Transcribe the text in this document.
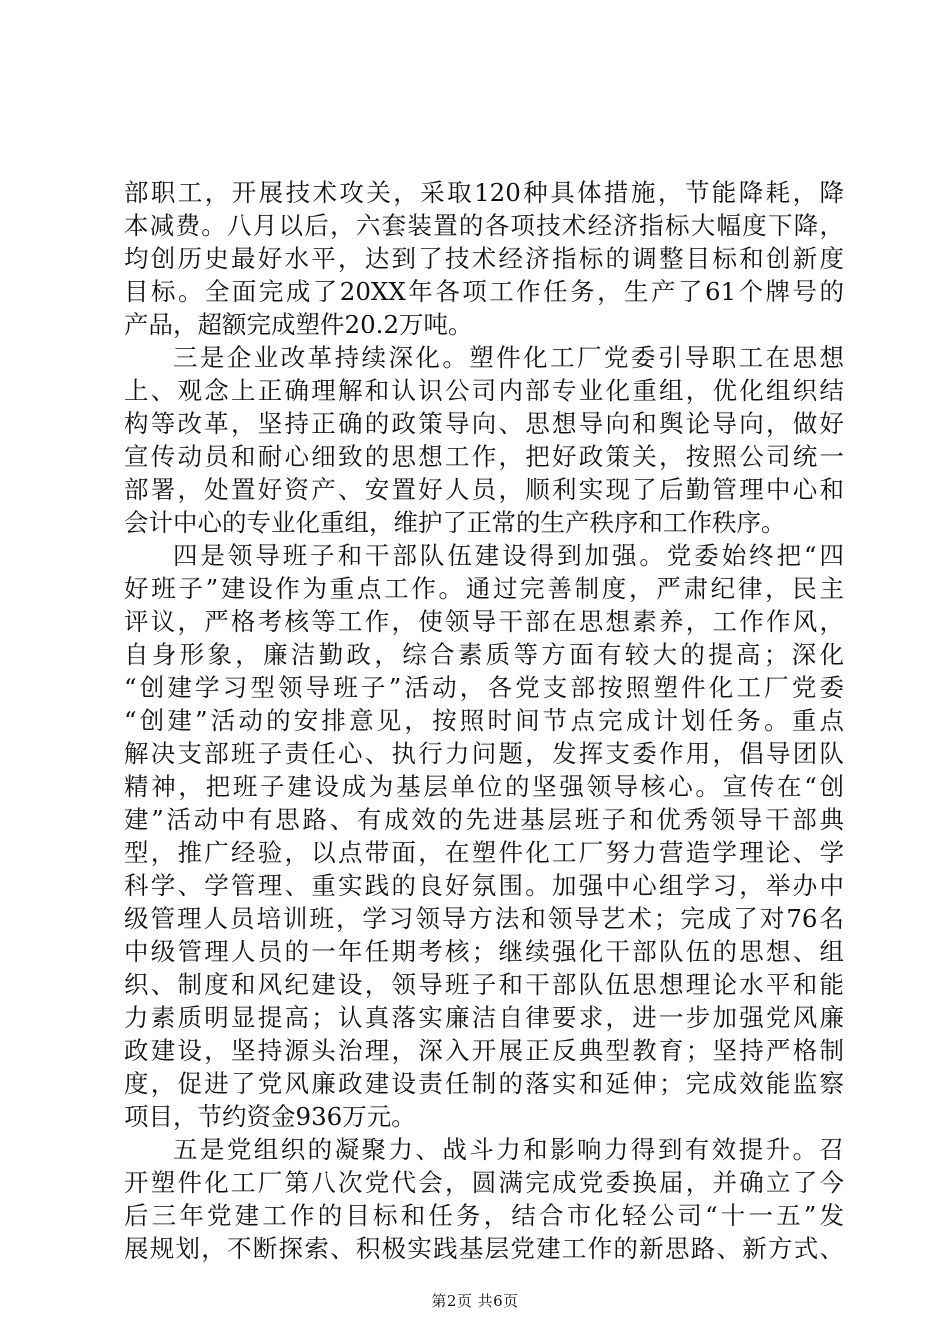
部职工，开展技术攻关，采取120种具体措施，节能降耗，降
本减费。八月以后，六套装置的各项技术经济指标大幅度下降，
均创历史最好水平，达到了技术经济指标的调整目标和创新度
目标。全面完成了20XX年各项工作任务，生产了61个牌号的
产品，超额完成塑件20.2万吨。
三是企业改革持续深化。塑件化工厂党委引导职工在思想
上、观念上正确理解和认识公司内部专业化重组，优化组织结
构等改革，坚持正确的政策导向、思想导向和舆论导向，做好
宣传动员和耐心细致的思想工作，把好政策关，按照公司统一
部署，处置好资产、安置好人员，顺利实现了后勤管理中心和
会计中心的专业化重组，维护了正常的生产秩序和工作秩序。
四是领导班子和干部队伍建设得到加强。党委始终把“四
好班子”建设作为重点工作。通过完善制度，严肃纪律，民主
评议，严格考核等工作，使领导干部在思想素养，工作作风，
自身形象，廉洁勤政，综合素质等方面有较大的提高；深化
“创建学习型领导班子”活动，各党支部按照塑件化工厂党委
“创建”活动的安排意见，按照时间节点完成计划任务。重点
解决支部班子责任心、执行力问题，发挥支委作用，倡导团队
精神，把班子建设成为基层单位的坚强领导核心。宣传在“创
建”活动中有思路、有成效的先进基层班子和优秀领导干部典
型，推广经验，以点带面，在塑件化工厂努力营造学理论、学
科学、学管理、重实践的良好氛围。加强中心组学习，举办中
级管理人员培训班，学习领导方法和领导艺术；完成了对76名
中级管理人员的一年任期考核；继续强化干部队伍的思想、组
织、制度和风纪建设，领导班子和干部队伍思想理论水平和能
力素质明显提高；认真落实廉洁自律要求，进一步加强党风廉
政建设，坚持源头治理，深入开展正反典型教育；坚持严格制
度，促进了党风廉政建设责任制的落实和延伸；完成效能监察
项目，节约资金936万元。
五是党组织的凝聚力、战斗力和影响力得到有效提升。召
开塑件化工厂第八次党代会，圆满完成党委换届，并确立了今
后三年党建工作的目标和任务，结合市化轻公司“十一五”发
展规划，不断探索、积极实践基层党建工作的新思路、新方式、
第2页 共6页
